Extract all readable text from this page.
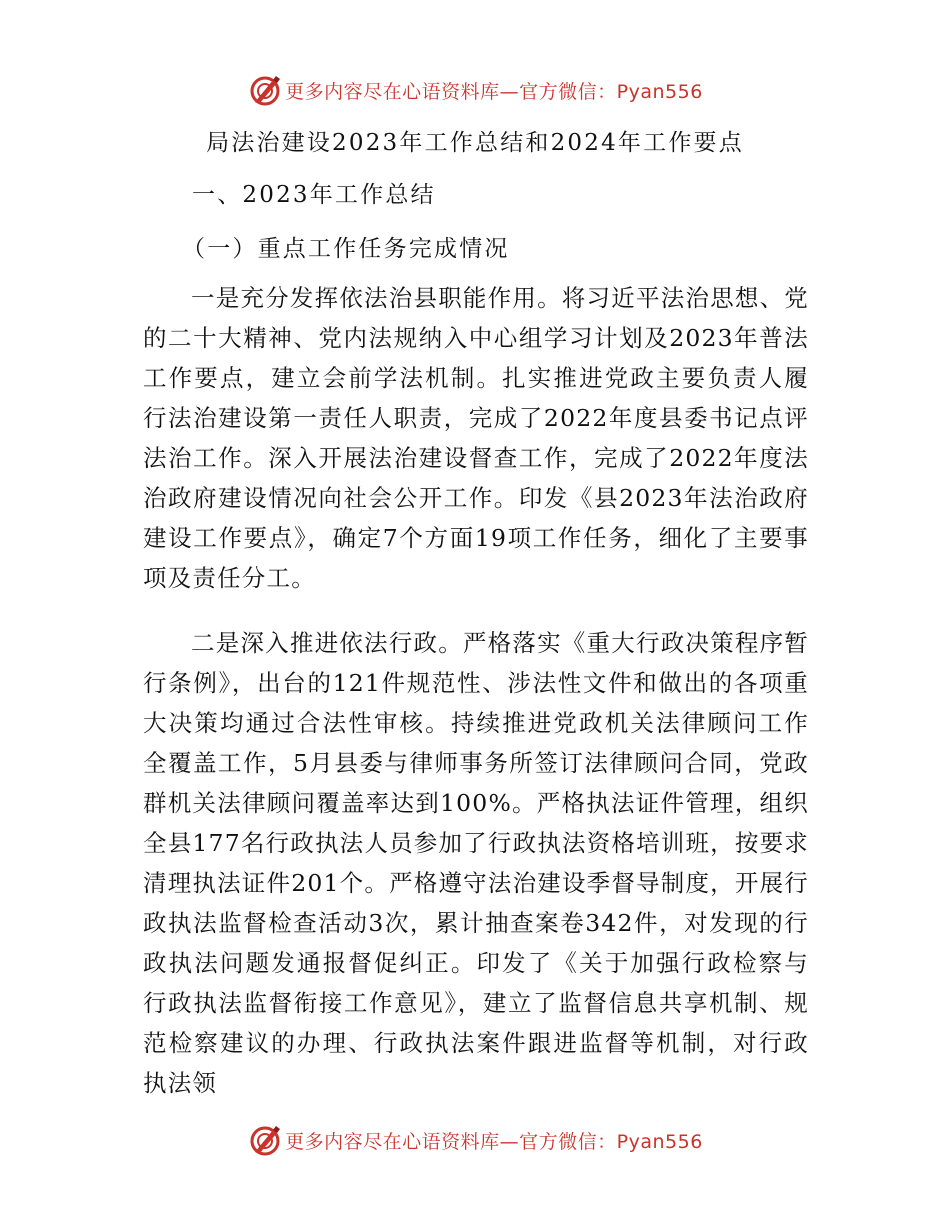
更多内容尽在心语资料库—官方微信：Pyan556
局法治建设2023年工作总结和2024年工作要点
一、2023年工作总结
（一）重点工作任务完成情况
一是充分发挥依法治县职能作用。将习近平法治思想、党的二十大精神、党内法规纳入中心组学习计划及2023年普法工作要点，建立会前学法机制。扎实推进党政主要负责人履行法治建设第一责任人职责，完成了2022年度县委书记点评法治工作。深入开展法治建设督查工作，完成了2022年度法治政府建设情况向社会公开工作。印发《县2023年法治政府建设工作要点》，确定7个方面19项工作任务，细化了主要事项及责任分工。
二是深入推进依法行政。严格落实《重大行政决策程序暂行条例》，出台的121件规范性、涉法性文件和做出的各项重大决策均通过合法性审核。持续推进党政机关法律顾问工作全覆盖工作，5月县委与律师事务所签订法律顾问合同，党政群机关法律顾问覆盖率达到100%。严格执法证件管理，组织全县177名行政执法人员参加了行政执法资格培训班，按要求清理执法证件201个。严格遵守法治建设季督导制度，开展行政执法监督检查活动3次，累计抽查案卷342件，对发现的行政执法问题发通报督促纠正。印发了《关于加强行政检察与行政执法监督衔接工作意见》，建立了监督信息共享机制、规范检察建议的办理、行政执法案件跟进监督等机制，对行政执法领
更多内容尽在心语资料库—官方微信：Pyan556
